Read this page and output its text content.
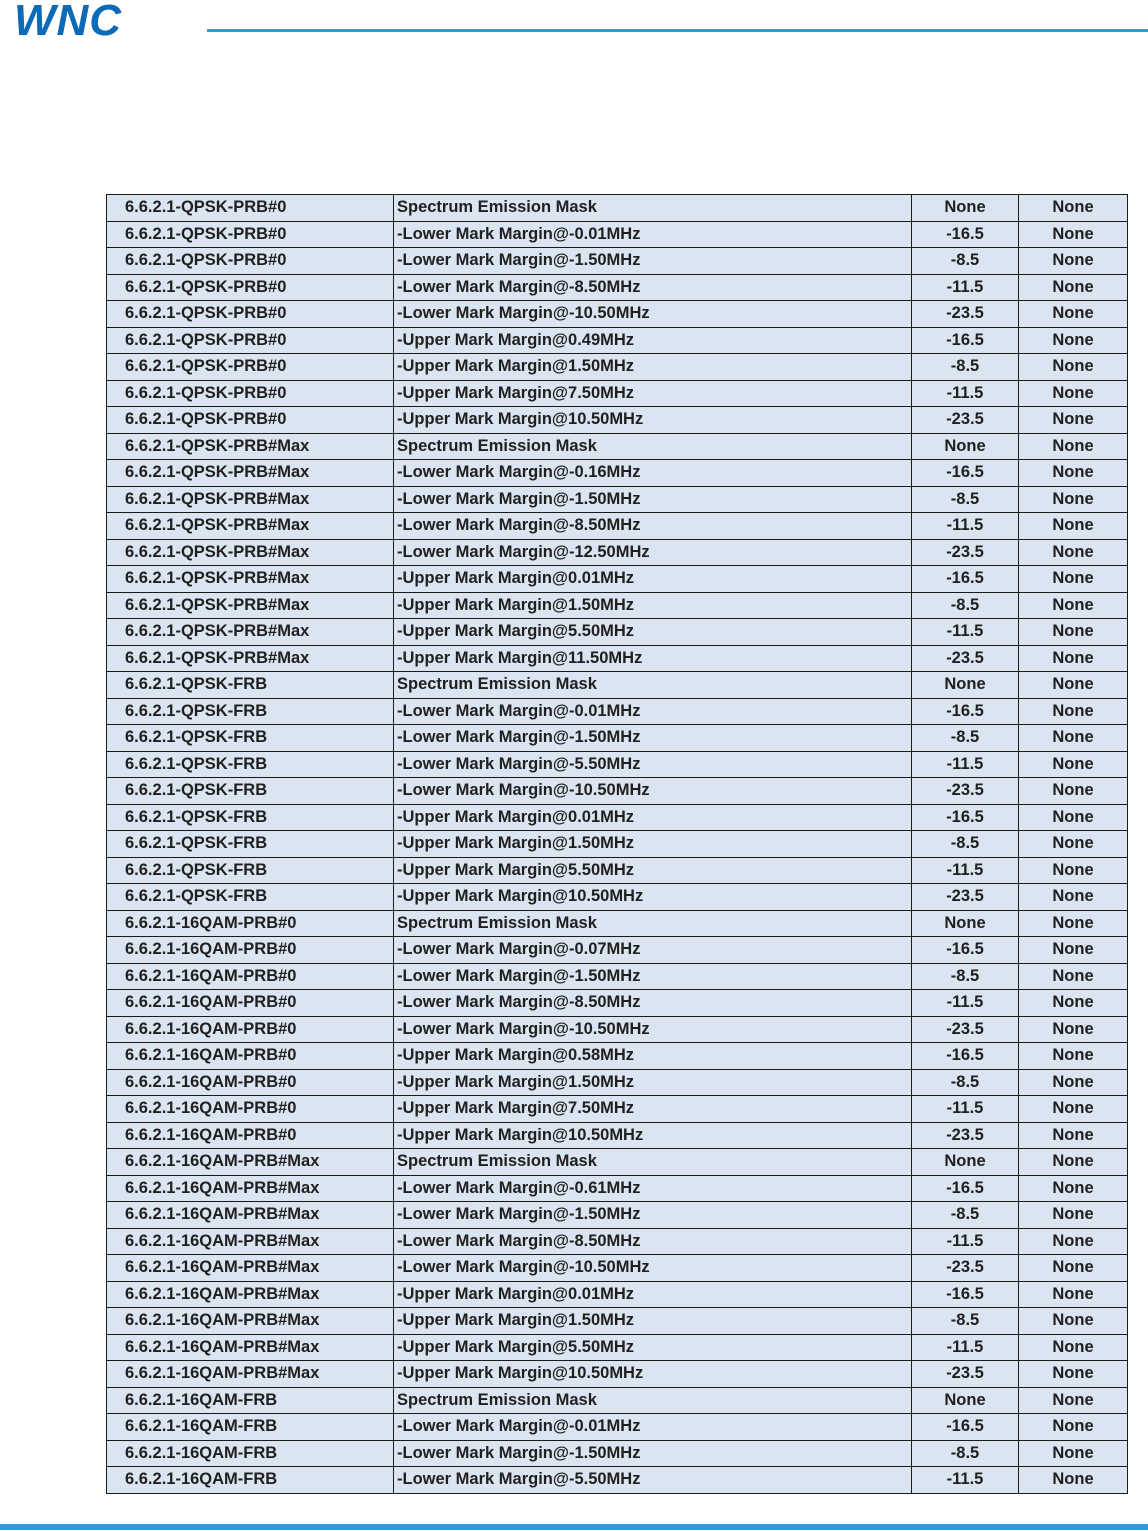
WNC
6.6.2.1-QPSK-PRB#0	Spectrum Emission Mask	None	None
6.6.2.1-QPSK-PRB#0	-Lower Mark Margin@-0.01MHz	-16.5	None
6.6.2.1-QPSK-PRB#0	-Lower Mark Margin@-1.50MHz	-8.5	None
6.6.2.1-QPSK-PRB#0	-Lower Mark Margin@-8.50MHz	-11.5	None
6.6.2.1-QPSK-PRB#0	-Lower Mark Margin@-10.50MHz	-23.5	None
6.6.2.1-QPSK-PRB#0	-Upper Mark Margin@0.49MHz	-16.5	None
6.6.2.1-QPSK-PRB#0	-Upper Mark Margin@1.50MHz	-8.5	None
6.6.2.1-QPSK-PRB#0	-Upper Mark Margin@7.50MHz	-11.5	None
6.6.2.1-QPSK-PRB#0	-Upper Mark Margin@10.50MHz	-23.5	None
6.6.2.1-QPSK-PRB#Max	Spectrum Emission Mask	None	None
6.6.2.1-QPSK-PRB#Max	-Lower Mark Margin@-0.16MHz	-16.5	None
6.6.2.1-QPSK-PRB#Max	-Lower Mark Margin@-1.50MHz	-8.5	None
6.6.2.1-QPSK-PRB#Max	-Lower Mark Margin@-8.50MHz	-11.5	None
6.6.2.1-QPSK-PRB#Max	-Lower Mark Margin@-12.50MHz	-23.5	None
6.6.2.1-QPSK-PRB#Max	-Upper Mark Margin@0.01MHz	-16.5	None
6.6.2.1-QPSK-PRB#Max	-Upper Mark Margin@1.50MHz	-8.5	None
6.6.2.1-QPSK-PRB#Max	-Upper Mark Margin@5.50MHz	-11.5	None
6.6.2.1-QPSK-PRB#Max	-Upper Mark Margin@11.50MHz	-23.5	None
6.6.2.1-QPSK-FRB	Spectrum Emission Mask	None	None
6.6.2.1-QPSK-FRB	-Lower Mark Margin@-0.01MHz	-16.5	None
6.6.2.1-QPSK-FRB	-Lower Mark Margin@-1.50MHz	-8.5	None
6.6.2.1-QPSK-FRB	-Lower Mark Margin@-5.50MHz	-11.5	None
6.6.2.1-QPSK-FRB	-Lower Mark Margin@-10.50MHz	-23.5	None
6.6.2.1-QPSK-FRB	-Upper Mark Margin@0.01MHz	-16.5	None
6.6.2.1-QPSK-FRB	-Upper Mark Margin@1.50MHz	-8.5	None
6.6.2.1-QPSK-FRB	-Upper Mark Margin@5.50MHz	-11.5	None
6.6.2.1-QPSK-FRB	-Upper Mark Margin@10.50MHz	-23.5	None
6.6.2.1-16QAM-PRB#0	Spectrum Emission Mask	None	None
6.6.2.1-16QAM-PRB#0	-Lower Mark Margin@-0.07MHz	-16.5	None
6.6.2.1-16QAM-PRB#0	-Lower Mark Margin@-1.50MHz	-8.5	None
6.6.2.1-16QAM-PRB#0	-Lower Mark Margin@-8.50MHz	-11.5	None
6.6.2.1-16QAM-PRB#0	-Lower Mark Margin@-10.50MHz	-23.5	None
6.6.2.1-16QAM-PRB#0	-Upper Mark Margin@0.58MHz	-16.5	None
6.6.2.1-16QAM-PRB#0	-Upper Mark Margin@1.50MHz	-8.5	None
6.6.2.1-16QAM-PRB#0	-Upper Mark Margin@7.50MHz	-11.5	None
6.6.2.1-16QAM-PRB#0	-Upper Mark Margin@10.50MHz	-23.5	None
6.6.2.1-16QAM-PRB#Max	Spectrum Emission Mask	None	None
6.6.2.1-16QAM-PRB#Max	-Lower Mark Margin@-0.61MHz	-16.5	None
6.6.2.1-16QAM-PRB#Max	-Lower Mark Margin@-1.50MHz	-8.5	None
6.6.2.1-16QAM-PRB#Max	-Lower Mark Margin@-8.50MHz	-11.5	None
6.6.2.1-16QAM-PRB#Max	-Lower Mark Margin@-10.50MHz	-23.5	None
6.6.2.1-16QAM-PRB#Max	-Upper Mark Margin@0.01MHz	-16.5	None
6.6.2.1-16QAM-PRB#Max	-Upper Mark Margin@1.50MHz	-8.5	None
6.6.2.1-16QAM-PRB#Max	-Upper Mark Margin@5.50MHz	-11.5	None
6.6.2.1-16QAM-PRB#Max	-Upper Mark Margin@10.50MHz	-23.5	None
6.6.2.1-16QAM-FRB	Spectrum Emission Mask	None	None
6.6.2.1-16QAM-FRB	-Lower Mark Margin@-0.01MHz	-16.5	None
6.6.2.1-16QAM-FRB	-Lower Mark Margin@-1.50MHz	-8.5	None
6.6.2.1-16QAM-FRB	-Lower Mark Margin@-5.50MHz	-11.5	None
